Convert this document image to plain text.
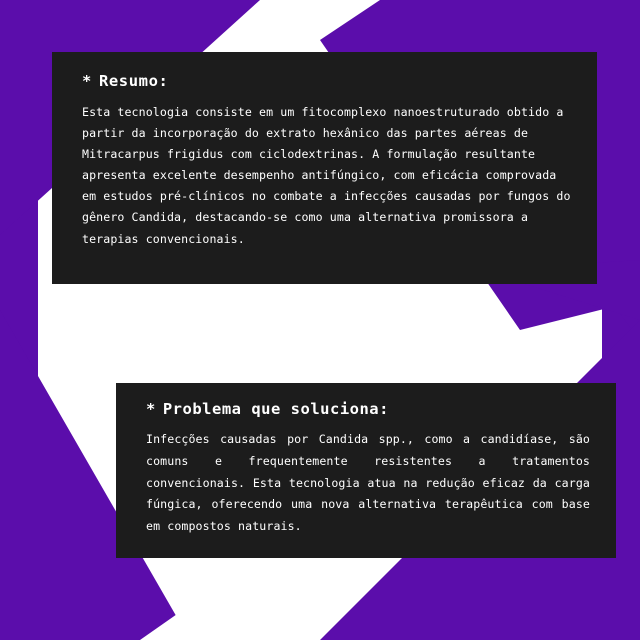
* Resumo:

Esta tecnologia consiste em um fitocomplexo nanoestruturado obtido a partir da incorporação do extrato hexânico das partes aéreas de Mitracarpus frigidus com ciclodextrinas. A formulação resultante apresenta excelente desempenho antifúngico, com eficácia comprovada em estudos pré-clínicos no combate a infecções causadas por fungos do gênero Candida, destacando-se como uma alternativa promissora a terapias convencionais.

* Problema que soluciona:

Infecções causadas por Candida spp., como a candidíase, são comuns e frequentemente resistentes a tratamentos convencionais. Esta tecnologia atua na redução eficaz da carga fúngica, oferecendo uma nova alternativa terapêutica com base em compostos naturais.
